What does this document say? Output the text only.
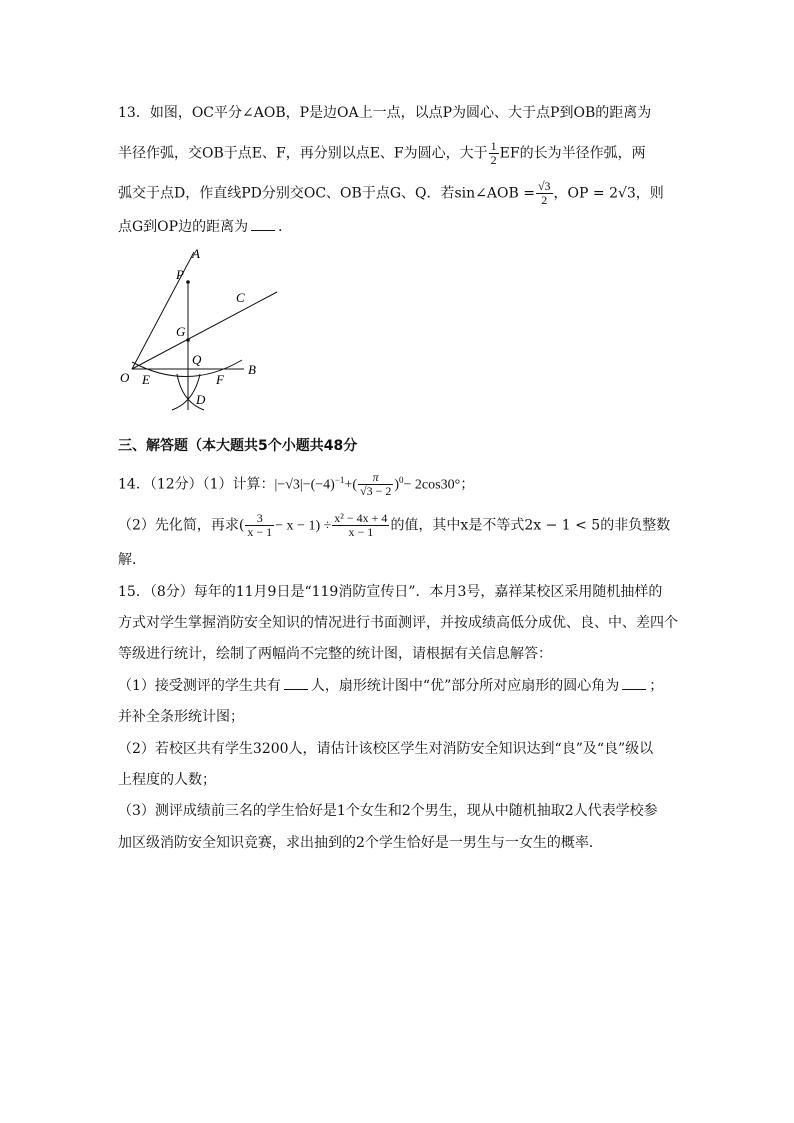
13．如图，OC平分∠AOB，P是边OA上一点，以点P为圆心、大于点P到OB的距离为
半径作弧，交OB于点E、F，再分别以点E、F为圆心，大于 $\frac{1}{2}$ EF的长为半径作弧，两
弧交于点D，作直线PD分别交OC、OB于点G、Q．若sin∠AOB = $\frac{√3}{2}$ ，OP = 2√3，则
点G到OP边的距离为 ．
A
P
C
G
Q
O E	F
B
D
三、解答题（本大题共5个小题共48分
14．（12分）（1）计算：$|-√3|-(-4)^{-1}+( \frac{\pi}{√3 - 2} )^0- 2\cos 30^\circ$；
（2）先化简，再求( $\frac{3}{x - 1} - x - 1) \div \frac{\text{x² − 4x + 4}}{x - 1}$ 的值，其中x是不等式2x − 1 < 5的非负整数
解．
15．（8分）每年的11月9日是“119消防宣传日”．本月3号，嘉祥某校区采用随机抽样的
方式对学生掌握消防安全知识的情况进行书面测评，并按成绩高低分成优、良、中、差四个
等级进行统计，绘制了两幅尚不完整的统计图，请根据有关信息解答：
（1）接受测评的学生共有 人，扇形统计图中“优”部分所对应扇形的圆心角为 ；
并补全条形统计图；
（2）若校区共有学生3200人，请估计该校区学生对消防安全知识达到“良”及“良”级以
上程度的人数；
（3）测评成绩前三名的学生恰好是1个女生和2个男生，现从中随机抽取2人代表学校参
加区级消防安全知识竞赛，求出抽到的2个学生恰好是一男生与一女生的概率．
